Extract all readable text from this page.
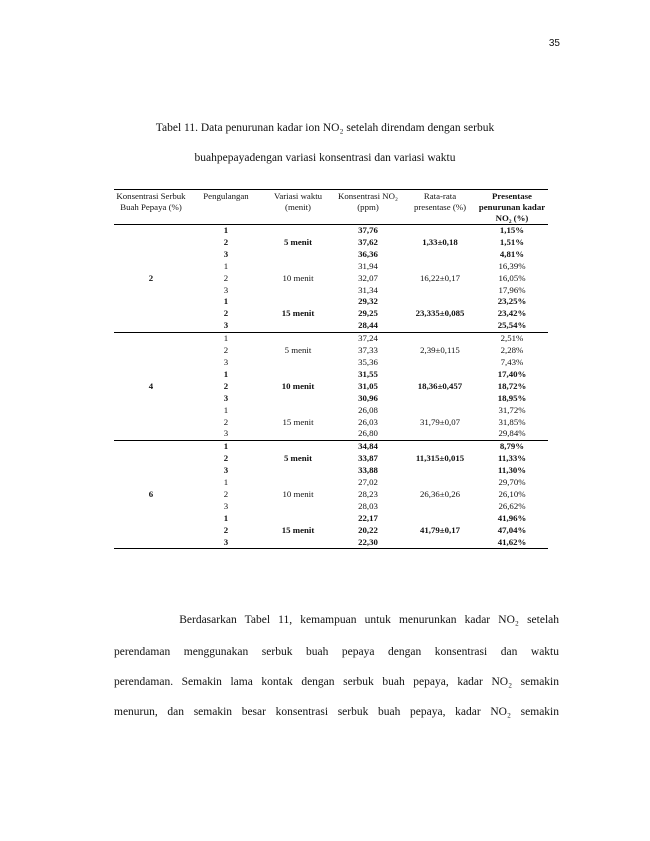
35
Tabel 11. Data penurunan kadar ion NO₂ setelah direndam dengan serbuk
buahpepayadengan variasi konsentrasi dan variasi waktu
Konsentrasi Serbuk Buah Pepaya (%)	Pengulangan	Variasi waktu (menit)	Konsentrasi NO₂ (ppm)	Rata-rata presentase (%)	Presentase penurunan kadar NO₂ (%)
2	1		37,76		1,15%
	2	5 menit	37,62	1,33±0,18	1,51%
	3		36,36		4,81%
	1		31,94		16,39%
	2	10 menit	32,07	16,22±0,17	16,05%
	3		31,34		17,96%
	1		29,32		23,25%
	2	15 menit	29,25	23,335±0,085	23,42%
	3		28,44		25,54%
4	1		37,24		2,51%
	2	5 menit	37,33	2,39±0,115	2,28%
	3		35,36		7,43%
	1		31,55		17,40%
	2	10 menit	31,05	18,36±0,457	18,72%
	3		30,96		18,95%
	1		26,08		31,72%
	2	15 menit	26,03	31,79±0,07	31,85%
	3		26,80		29,84%
6	1		34,84		8,79%
	2	5 menit	33,87	11,315±0,015	11,33%
	3		33,88		11,30%
	1		27,02		29,70%
	2	10 menit	28,23	26,36±0,26	26,10%
	3		28,03		26,62%
	1		22,17		41,96%
	2	15 menit	20,22	41,79±0,17	47,04%
	3		22,30		41,62%
Berdasarkan Tabel 11, kemampuan untuk menurunkan kadar NO₂ setelah
perendaman menggunakan serbuk buah pepaya dengan konsentrasi dan waktu
perendaman. Semakin lama kontak dengan serbuk buah pepaya, kadar NO₂ semakin
menurun, dan semakin besar konsentrasi serbuk buah pepaya, kadar NO₂ semakin
